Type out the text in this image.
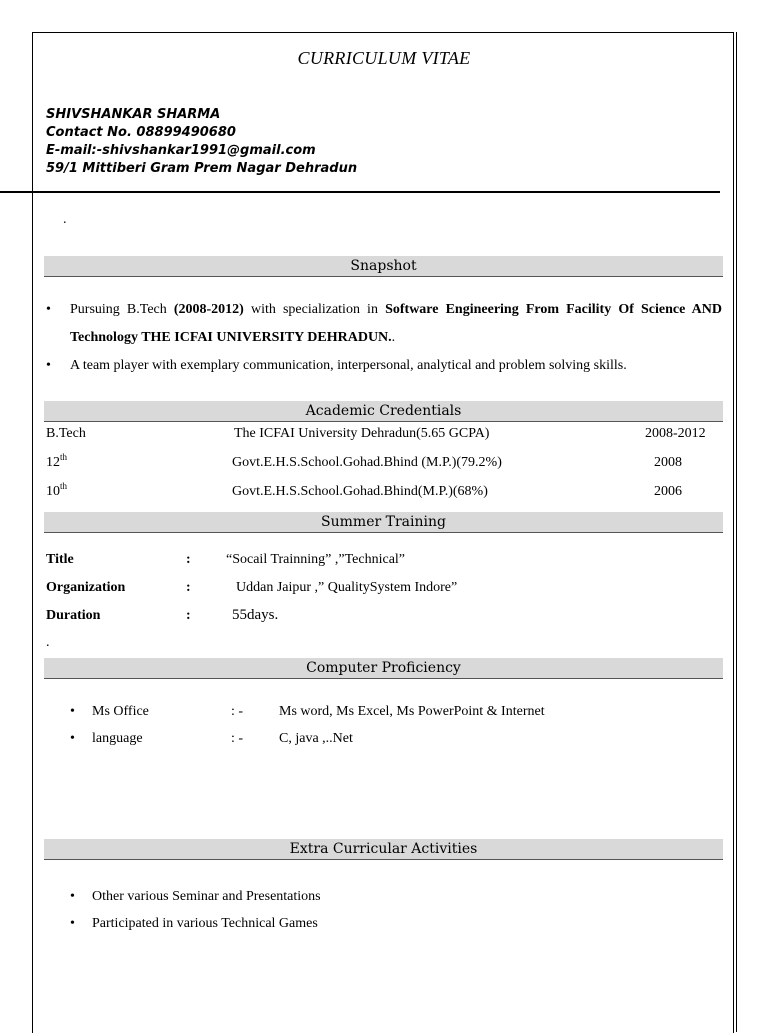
CURRICULUM VITAE
SHIVSHANKAR SHARMA
Contact No. 08899490680
E-mail:-shivshankar1991@gmail.com
59/1 Mittiberi Gram Prem Nagar Dehradun
.
Snapshot
• Pursuing B.Tech (2008-2012) with specialization in Software Engineering From Facility Of Science AND Technology THE ICFAI UNIVERSITY DEHRADUN..
• A team player with exemplary communication, interpersonal, analytical and problem solving skills.
Academic Credentials
B.Tech	The ICFAI University Dehradun(5.65 GCPA)	2008-2012
12th	Govt.E.H.S.School.Gohad.Bhind (M.P.)(79.2%)	2008
10th	Govt.E.H.S.School.Gohad.Bhind(M.P.)(68%)	2006
Summer Training
Title	:	“Socail Trainning” ,”Technical”
Organization	:	Uddan Jaipur ,” QualitySystem Indore”
Duration	:	55days.
.
Computer Proficiency
• Ms Office	: -	Ms word, Ms Excel, Ms PowerPoint & Internet
• language	: -	C, java ,..Net
Extra Curricular Activities
• Other various Seminar and Presentations
• Participated in various Technical Games
